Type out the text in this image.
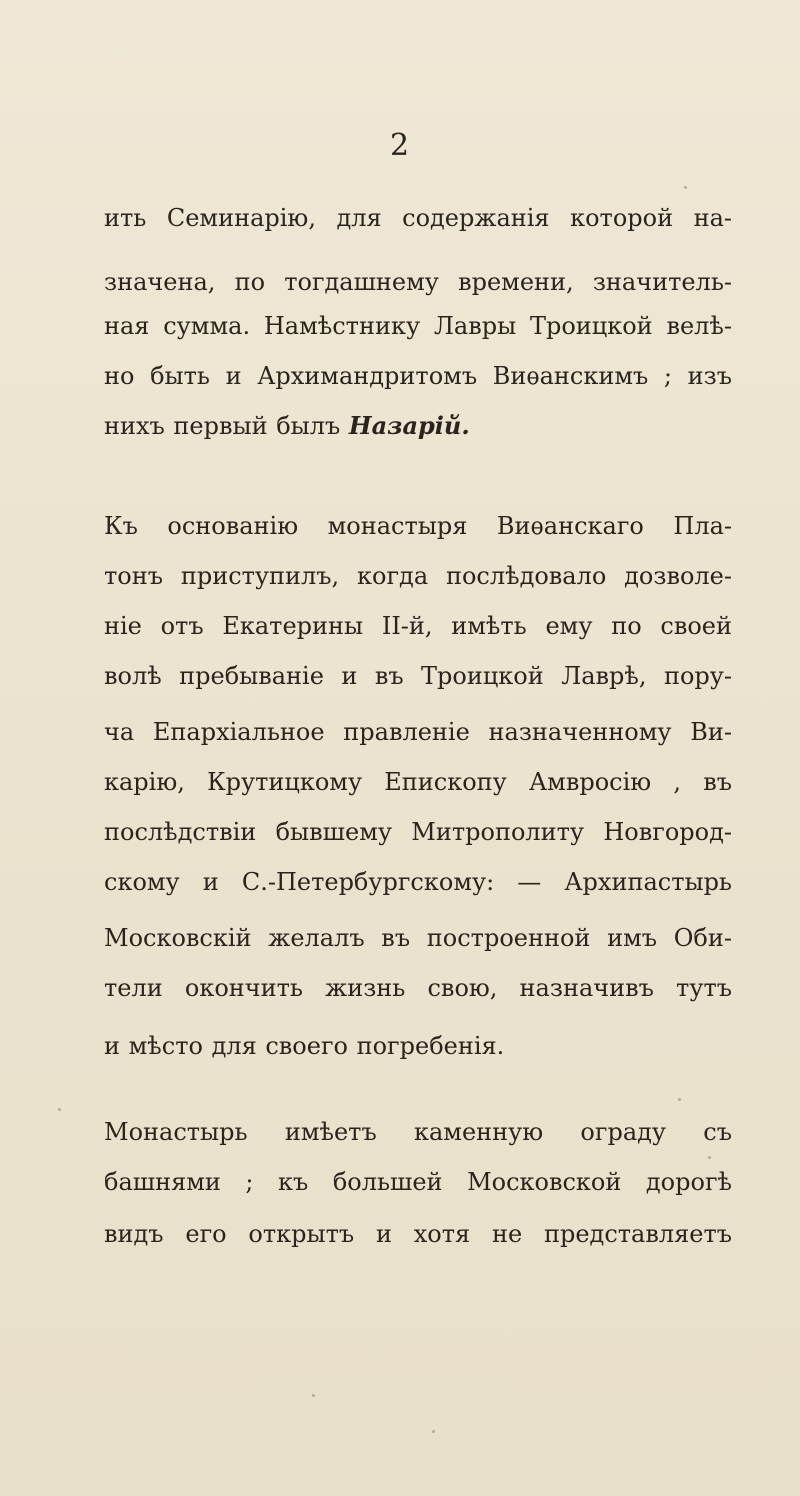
2
ить Семинарію, для содержанія которой на-
значена, по тогдашнему времени, значитель-
ная сумма. Намѣстнику Лавры Троицкой велѣ-
но быть и Архимандритомъ Виѳанскимъ ; изъ
нихъ первый былъ Назарій.
Къ основанію монастыря Виѳанскаго Пла-
тонъ приступилъ, когда послѣдовало дозволе-
ніе отъ Екатерины II-й, имѣть ему по своей
волѣ пребываніе и въ Троицкой Лаврѣ, пору-
ча Епархіальное правленіе назначенному Ви-
карію, Крутицкому Епископу Амвросію , въ
послѣдствіи бывшему Митрополиту Новгород-
скому и С.-Петербургскому: — Архипастырь
Московскій желалъ въ построенной имъ Оби-
тели окончить жизнь свою, назначивъ тутъ
и мѣсто для своего погребенія.
Монастырь имѣетъ каменную ограду съ
башнями ; къ большей Московской дорогѣ
видъ его открытъ и хотя не представляетъ
